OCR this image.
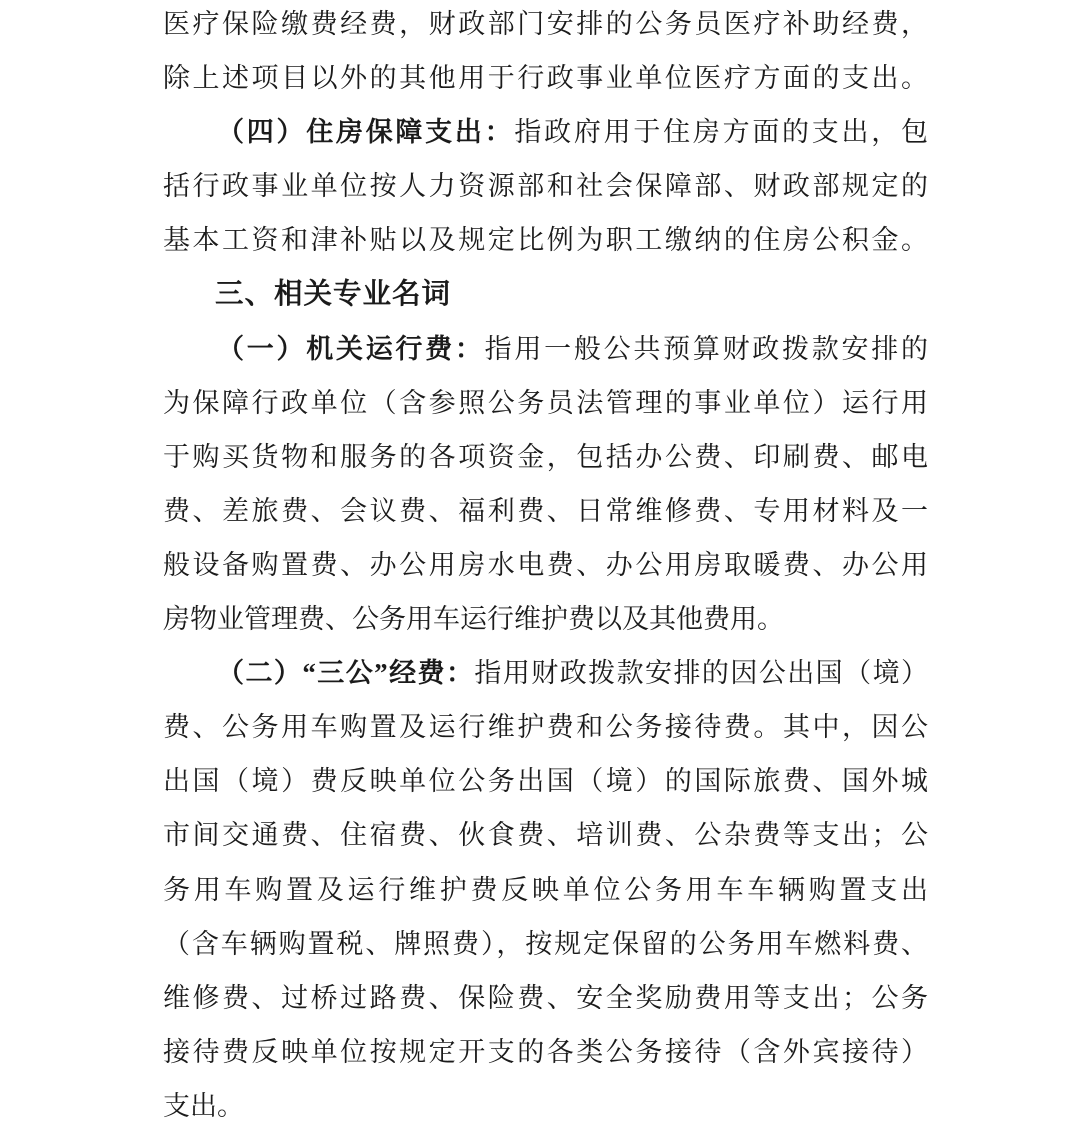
医疗保险缴费经费，财政部门安排的公务员医疗补助经费，
除上述项目以外的其他用于行政事业单位医疗方面的支出。
（四）住房保障支出：指政府用于住房方面的支出，包
括行政事业单位按人力资源部和社会保障部、财政部规定的
基本工资和津补贴以及规定比例为职工缴纳的住房公积金。
三、相关专业名词
（一）机关运行费：指用一般公共预算财政拨款安排的
为保障行政单位（含参照公务员法管理的事业单位）运行用
于购买货物和服务的各项资金，包括办公费、印刷费、邮电
费、差旅费、会议费、福利费、日常维修费、专用材料及一
般设备购置费、办公用房水电费、办公用房取暖费、办公用
房物业管理费、公务用车运行维护费以及其他费用。
（二）“三公”经费：指用财政拨款安排的因公出国（境）
费、公务用车购置及运行维护费和公务接待费。其中，因公
出国（境）费反映单位公务出国（境）的国际旅费、国外城
市间交通费、住宿费、伙食费、培训费、公杂费等支出；公
务用车购置及运行维护费反映单位公务用车车辆购置支出
（含车辆购置税、牌照费），按规定保留的公务用车燃料费、
维修费、过桥过路费、保险费、安全奖励费用等支出；公务
接待费反映单位按规定开支的各类公务接待（含外宾接待）
支出。
